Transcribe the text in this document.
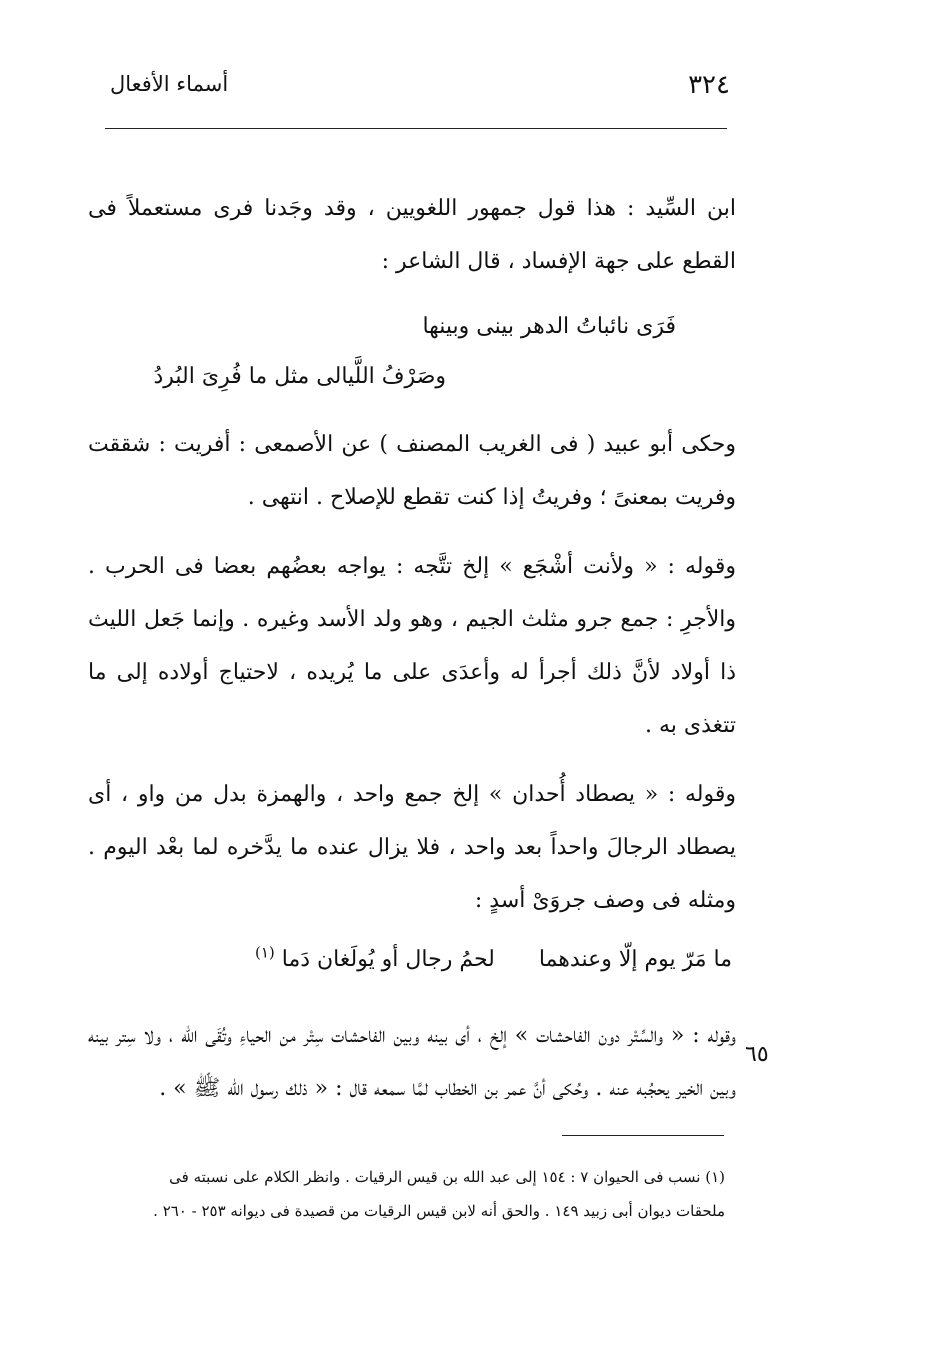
٣٢٤
أسماء الأفعال

ابن السِّيد : هذا قول جمهور اللغويين ، وقد وجَدنا فرى مستعملاً فى القطع على جهة الإفساد ، قال الشاعر :

فَرَى نائباتُ الدهر بينى وبينها

وصَرْفُ اللَّيالى مثل ما فُرِىَ البُردُ

وحكى أبو عبيد ( فى الغريب المصنف ) عن الأصمعى : أفريت : شققت وفريت بمعنىً ؛ وفريتُ إذا كنت تقطع للإصلاح . انتهى .

وقوله : « ولأنت أشْجَع » إلخ تتَّجه : يواجه بعضُهم بعضا فى الحرب . والأجرِ : جمع جرو مثلث الجيم ، وهو ولد الأسد وغيره . وإنما جَعل الليث ذا أولاد لأنَّ ذلك أجرأ له وأعدَى على ما يُريده ، لاحتياج أولاده إلى ما تتغذى به .

وقوله : « يصطاد أُحدان » إلخ جمع واحد ، والهمزة بدل من واو ، أى يصطاد الرجالَ واحداً بعد واحد ، فلا يزال عنده ما يدَّخره لما بعْد اليوم . ومثله فى وصف جروَىْ أسدٍ :

ما مَرّ يوم إلّا وعندهما
لحمُ رجال أو يُولَغان دَما $^{(١)}$

وقوله : « والسِّتْر دون الفاحشات » إلخ ، أى بينه وبين الفاحشات سِتْر من الحياءِ وتُقَى الله ، ولا سِتر بينه وبين الخير يحجُبه عنه . وحُكى أنَّ عمر بن الخطاب لمَّا سمعه قال : « ذلك رسول الله ﷺ » .

٦٥

(١) نسب فى الحيوان ٧ : ١٥٤ إلى عبد الله بن قيس الرقيات . وانظر الكلام على نسبته فى

ملحقات ديوان أبى زبيد ١٤٩ . والحق أنه لابن قيس الرقيات من قصيدة فى ديوانه ٢٥٣ - ٢٦٠ .
